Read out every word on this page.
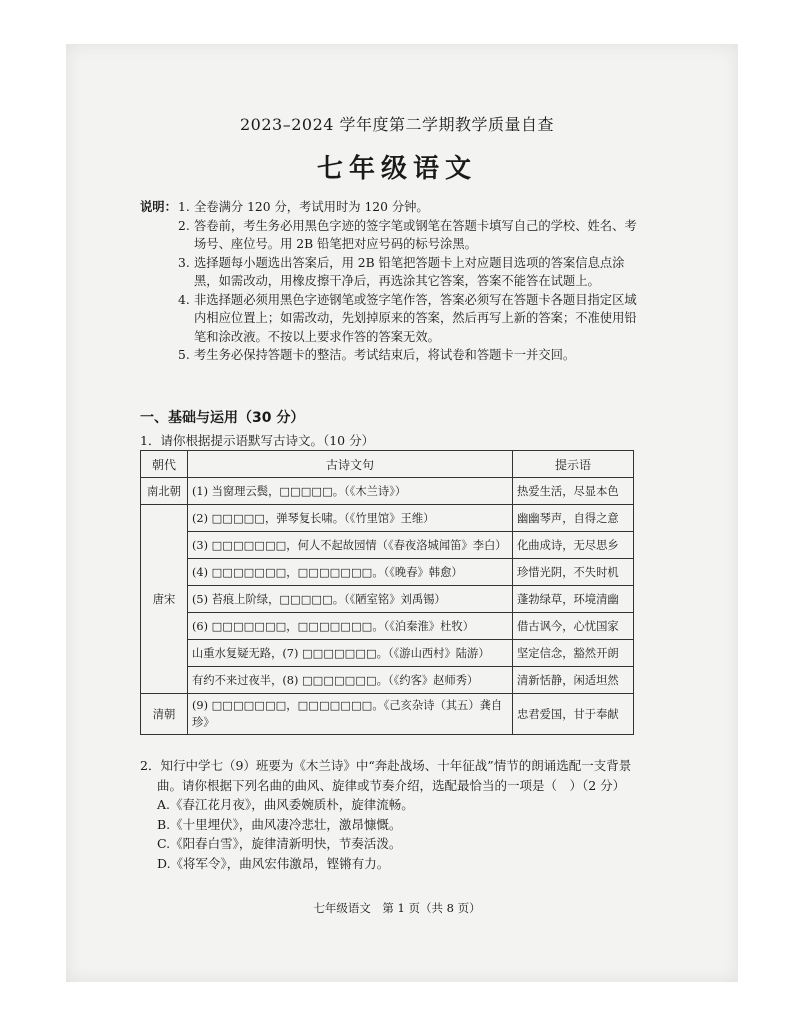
2023–2024 学年度第二学期教学质量自查
七年级语文
说明： 1. 全卷满分 120 分，考试用时为 120 分钟。
2. 答卷前，考生务必用黑色字迹的签字笔或钢笔在答题卡填写自己的学校、姓名、考场号、座位号。用 2B 铅笔把对应号码的标号涂黑。
3. 选择题每小题选出答案后，用 2B 铅笔把答题卡上对应题目选项的答案信息点涂黑，如需改动，用橡皮擦干净后，再选涂其它答案，答案不能答在试题上。
4. 非选择题必须用黑色字迹钢笔或签字笔作答，答案必须写在答题卡各题目指定区域内相应位置上；如需改动，先划掉原来的答案，然后再写上新的答案；不准使用铅笔和涂改液。不按以上要求作答的答案无效。
5. 考生务必保持答题卡的整洁。考试结束后，将试卷和答题卡一并交回。
一、基础与运用（30 分）
1．请你根据提示语默写古诗文。（10 分）
朝代	古诗文句	提示语
南北朝	(1) 当窗理云鬓，□□□□□。（《木兰诗》）	热爱生活，尽显本色
唐宋	(2) □□□□□，弹琴复长啸。（《竹里馆》王维）	幽幽琴声，自得之意
	(3) □□□□□□□，何人不起故园情（《春夜洛城闻笛》李白）	化曲成诗，无尽思乡
	(4) □□□□□□□，□□□□□□□。（《晚春》韩愈）	珍惜光阴，不失时机
	(5) 苔痕上阶绿，□□□□□。（《陋室铭》刘禹锡）	蓬勃绿草，环境清幽
	(6) □□□□□□□，□□□□□□□。（《泊秦淮》杜牧）	借古讽今，心忧国家
	山重水复疑无路，(7) □□□□□□□。（《游山西村》陆游）	坚定信念，豁然开朗
	有约不来过夜半，(8) □□□□□□□。（《约客》赵师秀）	清新恬静，闲适坦然
清朝	(9) □□□□□□□，□□□□□□□。《己亥杂诗（其五）龚自珍》	忠君爱国，甘于奉献
2．知行中学七（9）班要为《木兰诗》中“奔赴战场、十年征战”情节的朗诵选配一支背景
曲。请你根据下列名曲的曲风、旋律或节奏介绍，选配最恰当的一项是（　）（2 分）
A.《春江花月夜》，曲风委婉质朴，旋律流畅。
B.《十里埋伏》，曲风凄冷悲壮，激昂慷慨。
C.《阳春白雪》，旋律清新明快，节奏活泼。
D.《将军令》，曲风宏伟激昂，铿锵有力。
七年级语文　第 1 页（共 8 页）
